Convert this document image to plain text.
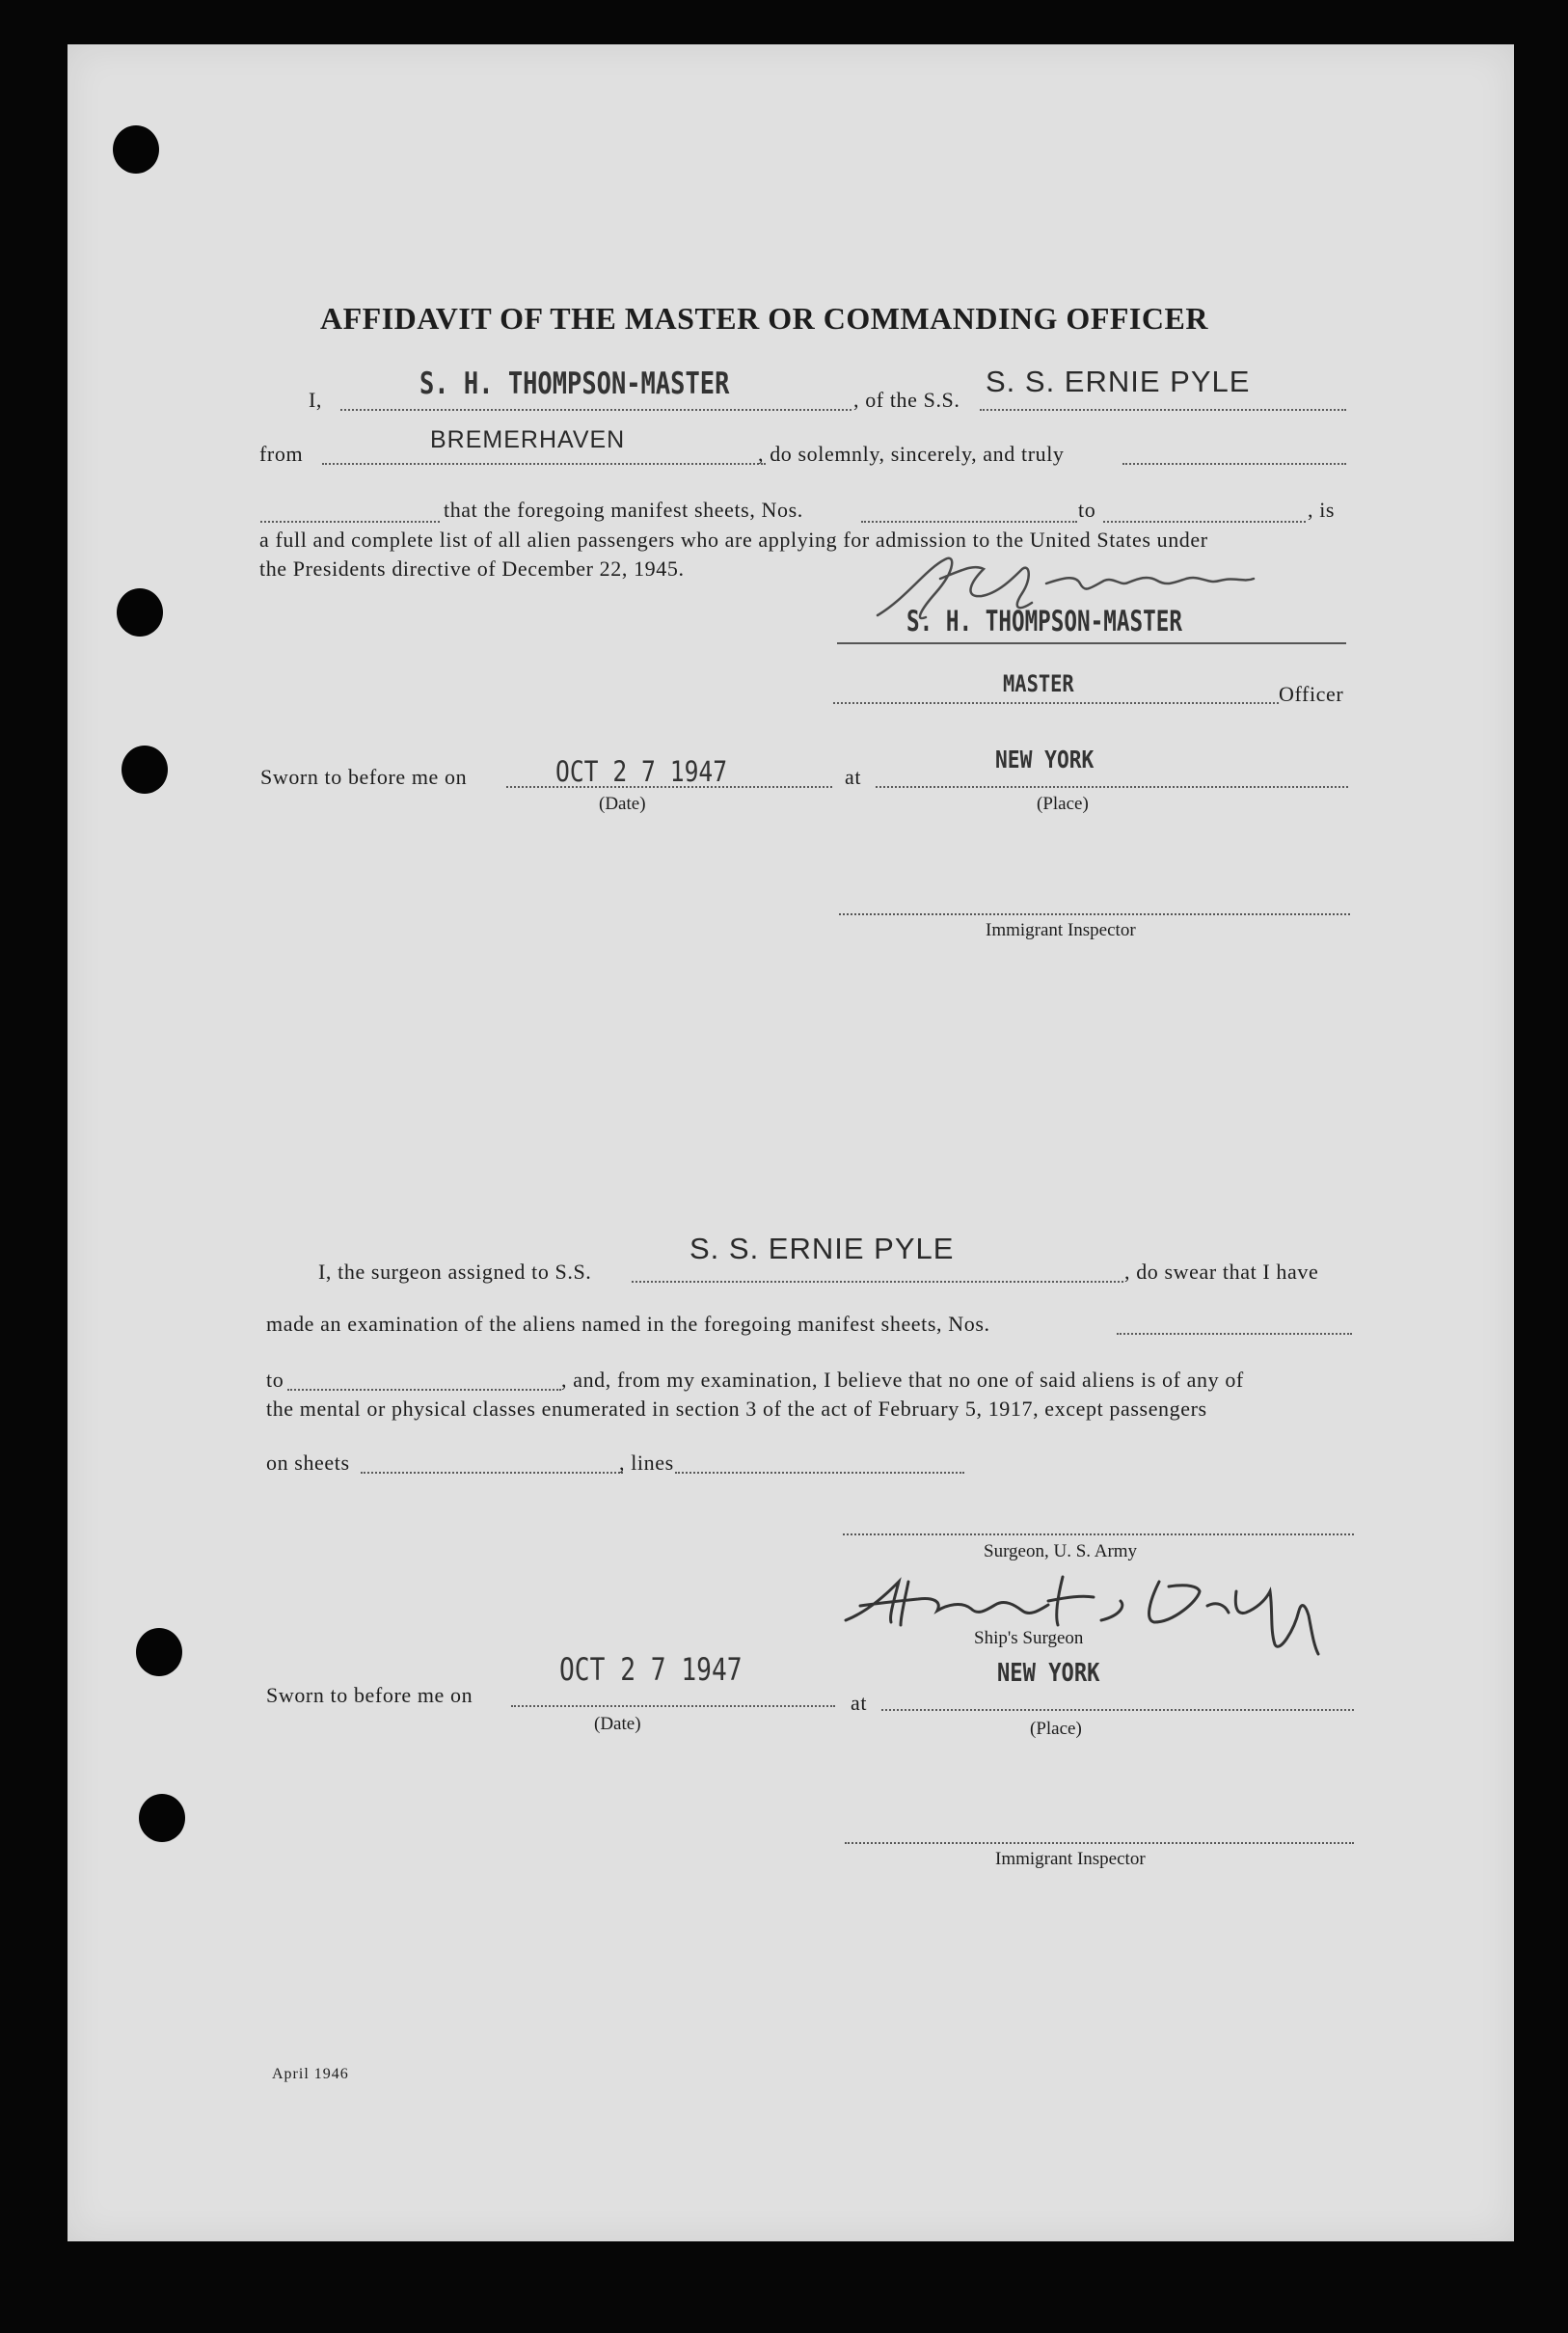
AFFIDAVIT OF THE MASTER OR COMMANDING OFFICER
I,	S. H. THOMPSON-MASTER	, of the S.S.
S. S. ERNIE PYLE
from
BREMERHAVEN
, do solemnly, sincerely, and truly
that the foregoing manifest sheets, Nos.	to	, is
a full and complete list of all alien passengers who are applying for admission to the United States under
the Presidents directive of December 22, 1945.
S. H. THOMPSON-MASTER
MASTER	Officer
Sworn to before me on	OCT 2 7 1947
(Date)
at
NEW YORK
(Place)
Immigrant Inspector
I, the surgeon assigned to S.S.
S. S. ERNIE PYLE
, do swear that I have
made an examination of the aliens named in the foregoing manifest sheets, Nos.
to	, and, from my examination, I believe that no one of said aliens is of any of
the mental or physical classes enumerated in section 3 of the act of February 5, 1917, except passengers
on sheets	, lines
Surgeon, U. S. Army
Ship's Surgeon
Sworn to before me on
OCT 2 7 1947
(Date)
at
NEW YORK
(Place)
Immigrant Inspector
April 1946
